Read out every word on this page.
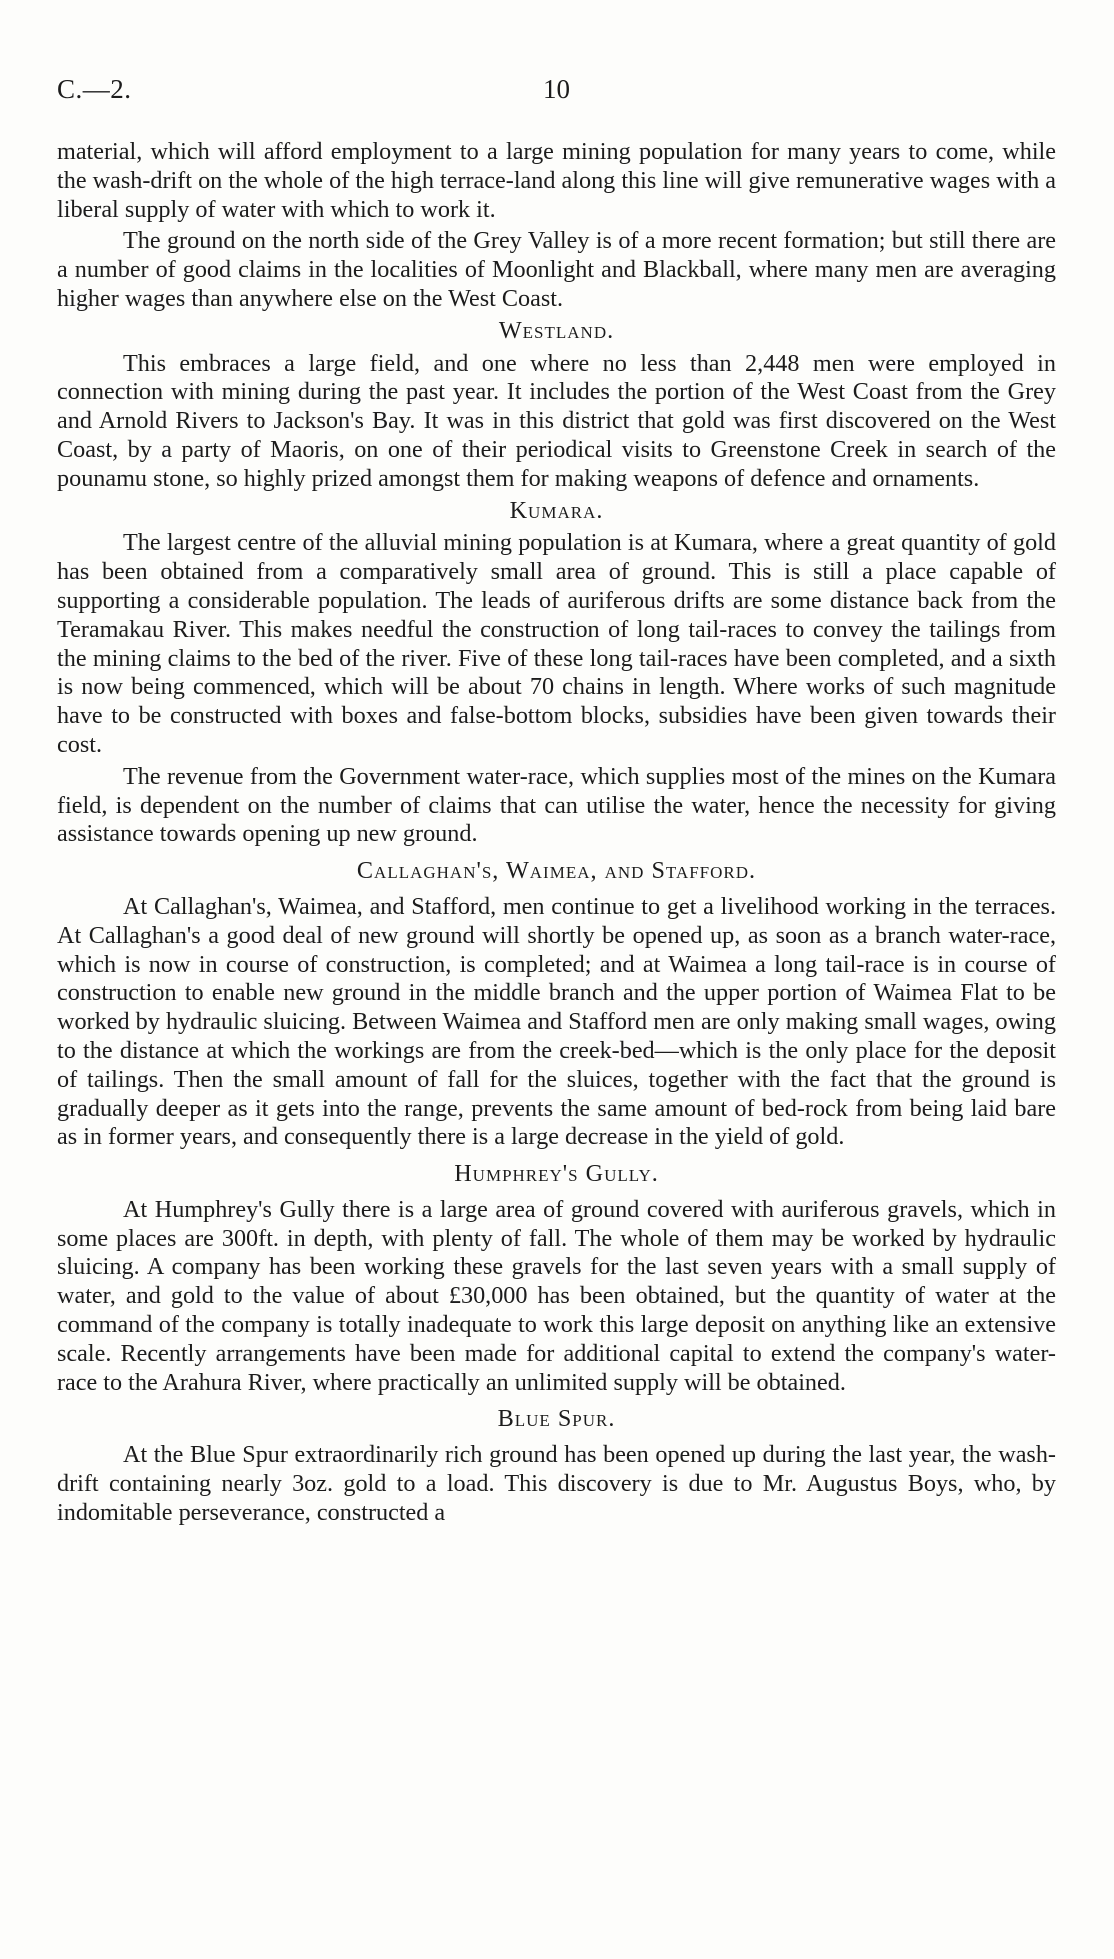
C.—2.	10

material, which will afford employment to a large mining population for many years to come, while the wash-drift on the whole of the high terrace-land along this line will give remunerative wages with a liberal supply of water with which to work it.

The ground on the north side of the Grey Valley is of a more recent formation; but still there are a number of good claims in the localities of Moonlight and Blackball, where many men are averaging higher wages than anywhere else on the West Coast.

Westland.

This embraces a large field, and one where no less than 2,448 men were employed in connection with mining during the past year. It includes the portion of the West Coast from the Grey and Arnold Rivers to Jackson's Bay. It was in this district that gold was first discovered on the West Coast, by a party of Maoris, on one of their periodical visits to Greenstone Creek in search of the pounamu stone, so highly prized amongst them for making weapons of defence and ornaments.

Kumara.

The largest centre of the alluvial mining population is at Kumara, where a great quantity of gold has been obtained from a comparatively small area of ground. This is still a place capable of supporting a considerable population. The leads of auriferous drifts are some distance back from the Teramakau River. This makes needful the construction of long tail-races to convey the tailings from the mining claims to the bed of the river. Five of these long tail-races have been completed, and a sixth is now being commenced, which will be about 70 chains in length. Where works of such magnitude have to be constructed with boxes and false-bottom blocks, subsidies have been given towards their cost.

The revenue from the Government water-race, which supplies most of the mines on the Kumara field, is dependent on the number of claims that can utilise the water, hence the necessity for giving assistance towards opening up new ground.

Callaghan's, Waimea, and Stafford.

At Callaghan's, Waimea, and Stafford, men continue to get a livelihood working in the terraces. At Callaghan's a good deal of new ground will shortly be opened up, as soon as a branch water-race, which is now in course of construction, is completed; and at Waimea a long tail-race is in course of construction to enable new ground in the middle branch and the upper portion of Waimea Flat to be worked by hydraulic sluicing. Between Waimea and Stafford men are only making small wages, owing to the distance at which the workings are from the creek-bed—which is the only place for the deposit of tailings. Then the small amount of fall for the sluices, together with the fact that the ground is gradually deeper as it gets into the range, prevents the same amount of bed-rock from being laid bare as in former years, and consequently there is a large decrease in the yield of gold.

Humphrey's Gully.

At Humphrey's Gully there is a large area of ground covered with auriferous gravels, which in some places are 300ft. in depth, with plenty of fall. The whole of them may be worked by hydraulic sluicing. A company has been working these gravels for the last seven years with a small supply of water, and gold to the value of about £30,000 has been obtained, but the quantity of water at the command of the company is totally inadequate to work this large deposit on anything like an extensive scale. Recently arrangements have been made for additional capital to extend the company's water-race to the Arahura River, where practically an unlimited supply will be obtained.

Blue Spur.

At the Blue Spur extraordinarily rich ground has been opened up during the last year, the wash-drift containing nearly 3oz. gold to a load. This discovery is due to Mr. Augustus Boys, who, by indomitable perseverance, constructed a
